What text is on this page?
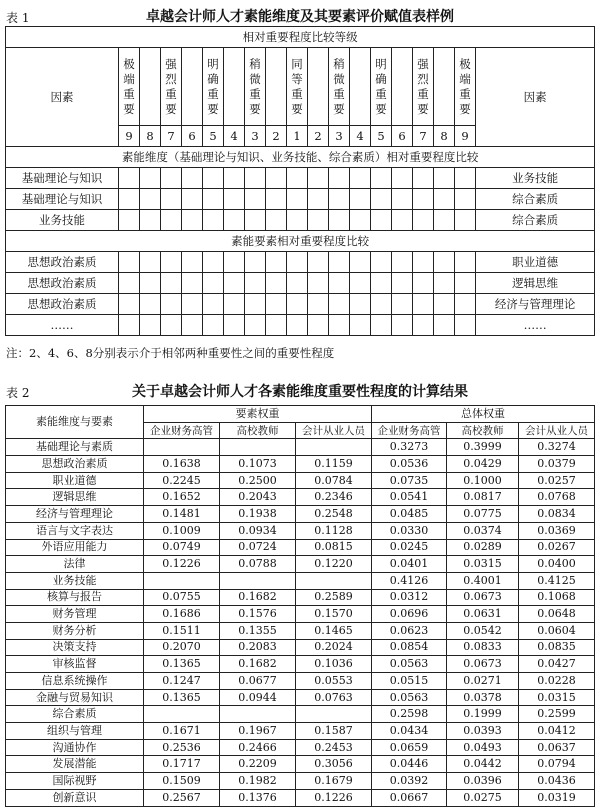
表 1	卓越会计师人才素能维度及其要素评价赋值表样例
相对重要程度比较等级																		
因素	极
端
重
要		强
烈
重
要		明
确
重
要		稍
微
重
要		同
等
重
要		稍
微
重
要		明
确
重
要		强
烈
重
要		极
端
重
要	因素
	9	8	7	6	5	4	3	2	1	2	3	4	5	6	7	8	9	
素能维度（基础理论与知识、业务技能、综合素质）相对重要程度比较																		
基础理论与知识																		业务技能
基础理论与知识																		综合素质
业务技能																		综合素质
素能要素相对重要程度比较																		
思想政治素质																		职业道德
思想政治素质																		逻辑思维
思想政治素质																		经济与管理理论
……																		……
注：2、4、6、8分别表示介于相邻两种重要性之间的重要性程度
表 2	关于卓越会计师人才各素能维度重要性程度的计算结果
素能维度与要素	要素权重			总体权重		
	企业财务高管	高校教师	会计从业人员	企业财务高管	高校教师	会计从业人员
基础理论与素质				0.3273	0.3999	0.3274
思想政治素质	0.1638	0.1073	0.1159	0.0536	0.0429	0.0379
职业道德	0.2245	0.2500	0.0784	0.0735	0.1000	0.0257
逻辑思维	0.1652	0.2043	0.2346	0.0541	0.0817	0.0768
经济与管理理论	0.1481	0.1938	0.2548	0.0485	0.0775	0.0834
语言与文字表达	0.1009	0.0934	0.1128	0.0330	0.0374	0.0369
外语应用能力	0.0749	0.0724	0.0815	0.0245	0.0289	0.0267
法律	0.1226	0.0788	0.1220	0.0401	0.0315	0.0400
业务技能				0.4126	0.4001	0.4125
核算与报告	0.0755	0.1682	0.2589	0.0312	0.0673	0.1068
财务管理	0.1686	0.1576	0.1570	0.0696	0.0631	0.0648
财务分析	0.1511	0.1355	0.1465	0.0623	0.0542	0.0604
决策支持	0.2070	0.2083	0.2024	0.0854	0.0833	0.0835
审核监督	0.1365	0.1682	0.1036	0.0563	0.0673	0.0427
信息系统操作	0.1247	0.0677	0.0553	0.0515	0.0271	0.0228
金融与贸易知识	0.1365	0.0944	0.0763	0.0563	0.0378	0.0315
综合素质				0.2598	0.1999	0.2599
组织与管理	0.1671	0.1967	0.1587	0.0434	0.0393	0.0412
沟通协作	0.2536	0.2466	0.2453	0.0659	0.0493	0.0637
发展潜能	0.1717	0.2209	0.3056	0.0446	0.0442	0.0794
国际视野	0.1509	0.1982	0.1679	0.0392	0.0396	0.0436
创新意识	0.2567	0.1376	0.1226	0.0667	0.0275	0.0319
